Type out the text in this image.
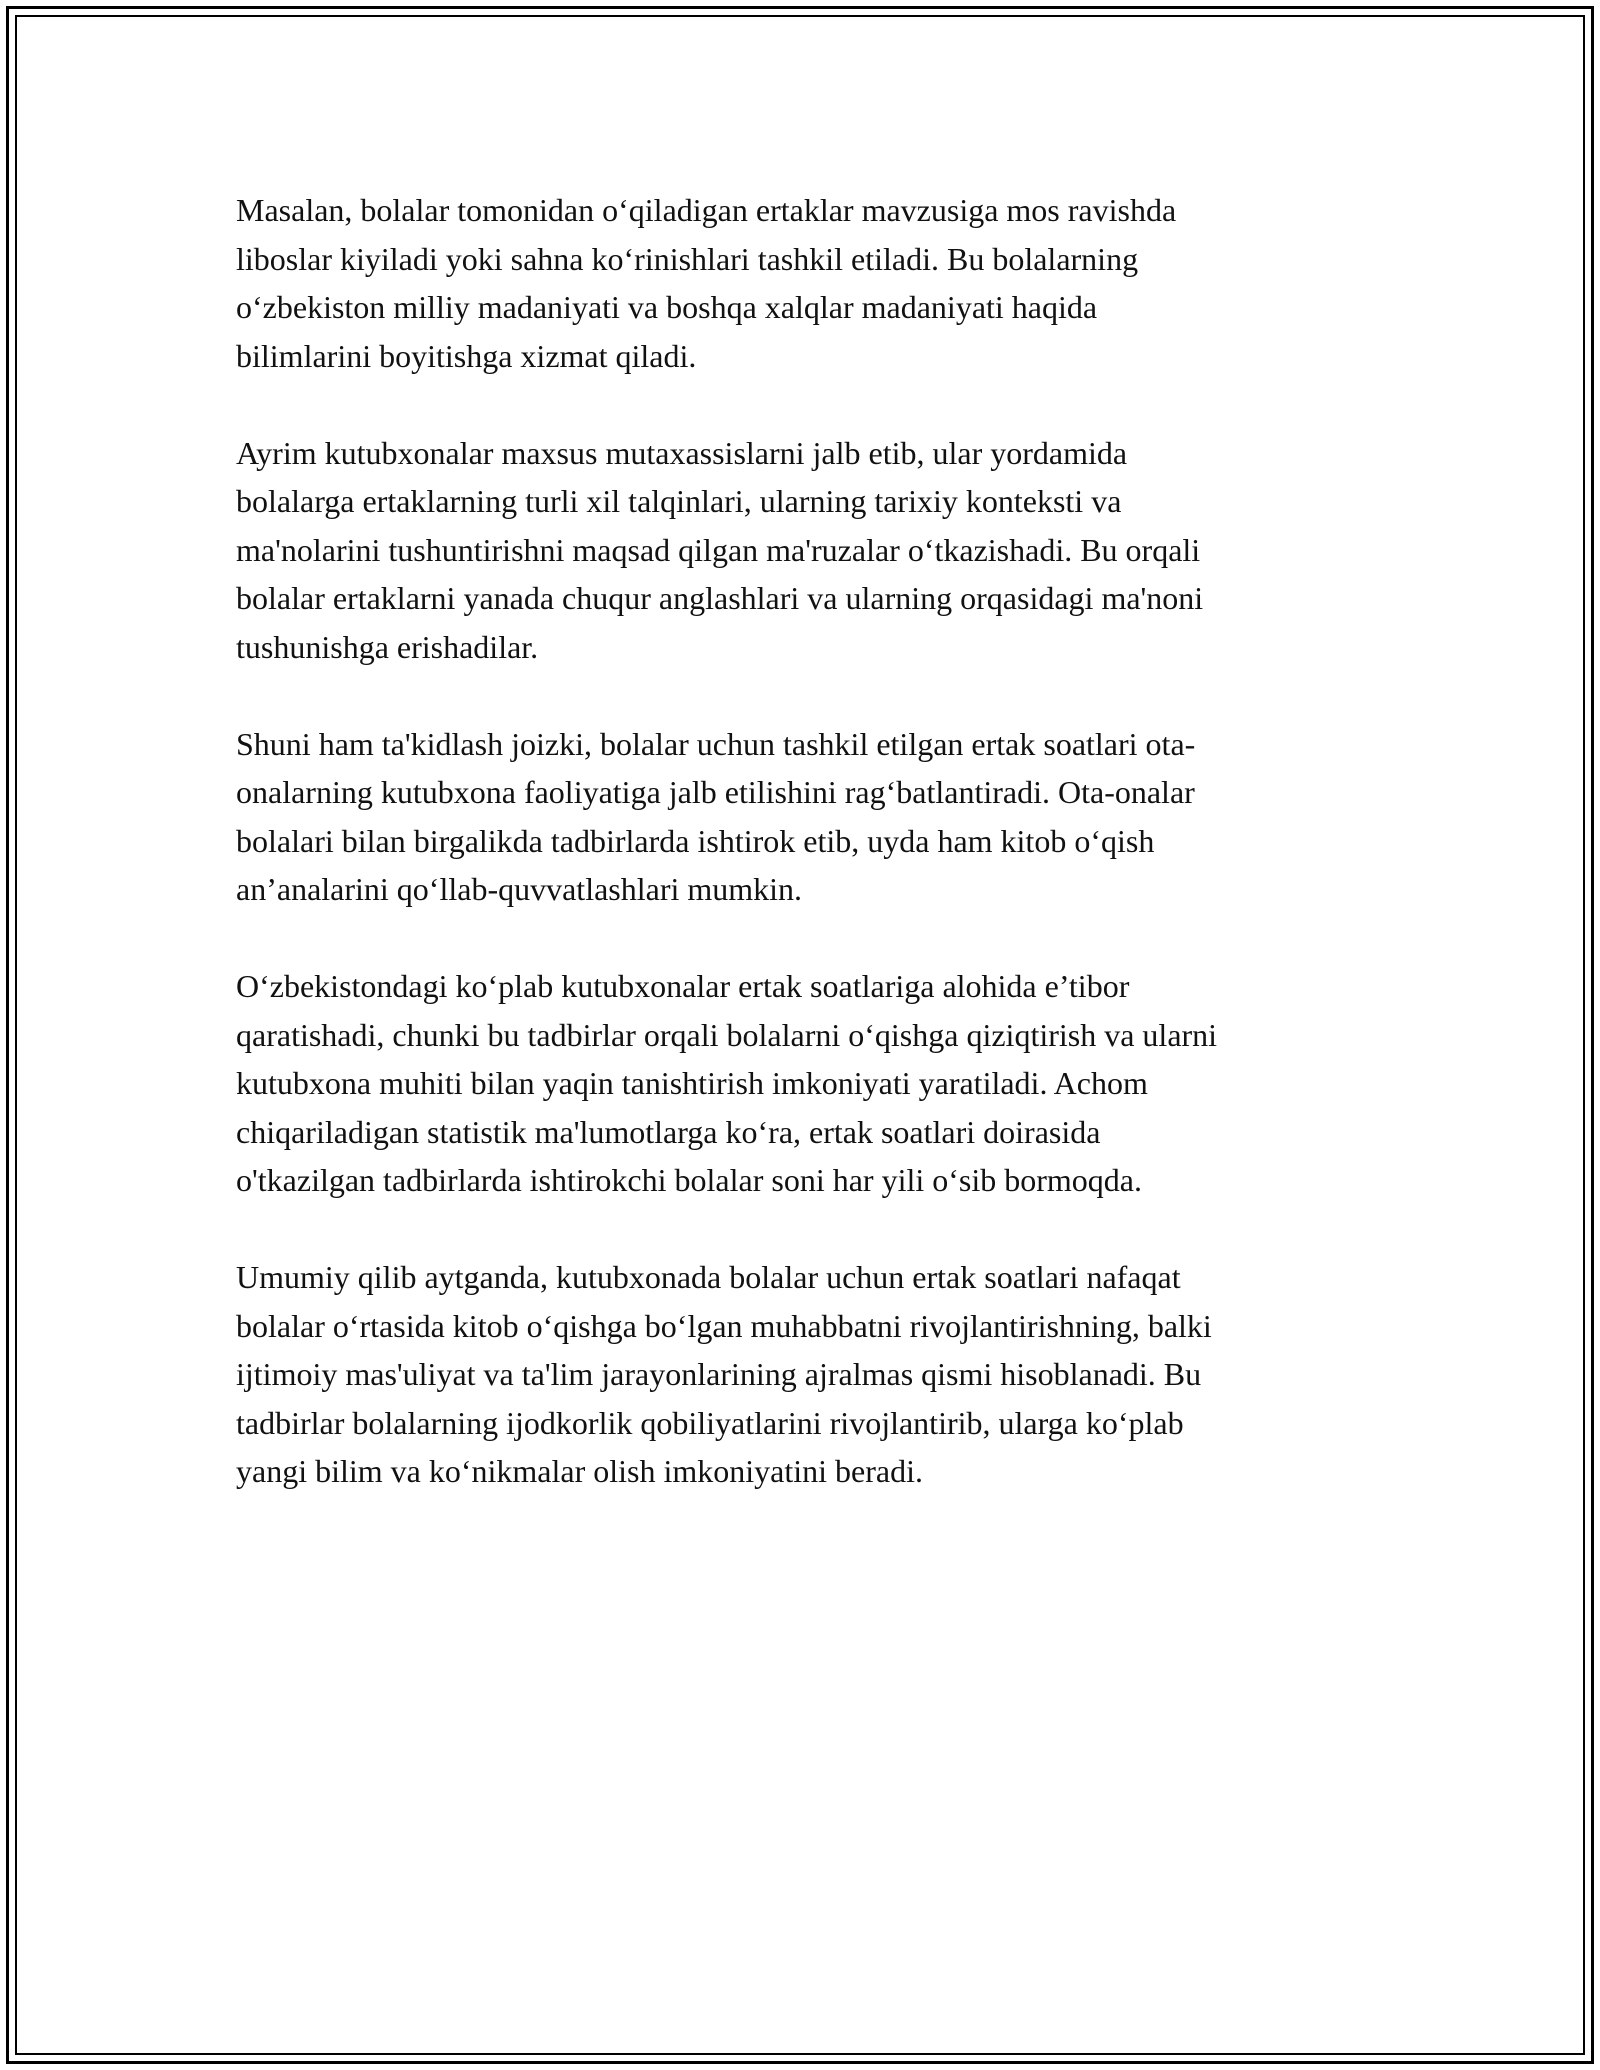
Masalan, bolalar tomonidan o‘qiladigan ertaklar mavzusiga mos ravishda
liboslar kiyiladi yoki sahna ko‘rinishlari tashkil etiladi. Bu bolalarning
o‘zbekiston milliy madaniyati va boshqa xalqlar madaniyati haqida
bilimlarini boyitishga xizmat qiladi.

Ayrim kutubxonalar maxsus mutaxassislarni jalb etib, ular yordamida
bolalarga ertaklarning turli xil talqinlari, ularning tarixiy konteksti va
ma'nolarini tushuntirishni maqsad qilgan ma'ruzalar o‘tkazishadi. Bu orqali
bolalar ertaklarni yanada chuqur anglashlari va ularning orqasidagi ma'noni
tushunishga erishadilar.

Shuni ham ta'kidlash joizki, bolalar uchun tashkil etilgan ertak soatlari ota-
onalarning kutubxona faoliyatiga jalb etilishini rag‘batlantiradi. Ota-onalar
bolalari bilan birgalikda tadbirlarda ishtirok etib, uyda ham kitob o‘qish
an’analarini qo‘llab-quvvatlashlari mumkin.

O‘zbekistondagi ko‘plab kutubxonalar ertak soatlariga alohida e’tibor
qaratishadi, chunki bu tadbirlar orqali bolalarni o‘qishga qiziqtirish va ularni
kutubxona muhiti bilan yaqin tanishtirish imkoniyati yaratiladi. Achom
chiqariladigan statistik ma'lumotlarga ko‘ra, ertak soatlari doirasida
o'tkazilgan tadbirlarda ishtirokchi bolalar soni har yili o‘sib bormoqda.

Umumiy qilib aytganda, kutubxonada bolalar uchun ertak soatlari nafaqat
bolalar o‘rtasida kitob o‘qishga bo‘lgan muhabbatni rivojlantirishning, balki
ijtimoiy mas'uliyat va ta'lim jarayonlarining ajralmas qismi hisoblanadi. Bu
tadbirlar bolalarning ijodkorlik qobiliyatlarini rivojlantirib, ularga ko‘plab
yangi bilim va ko‘nikmalar olish imkoniyatini beradi.
